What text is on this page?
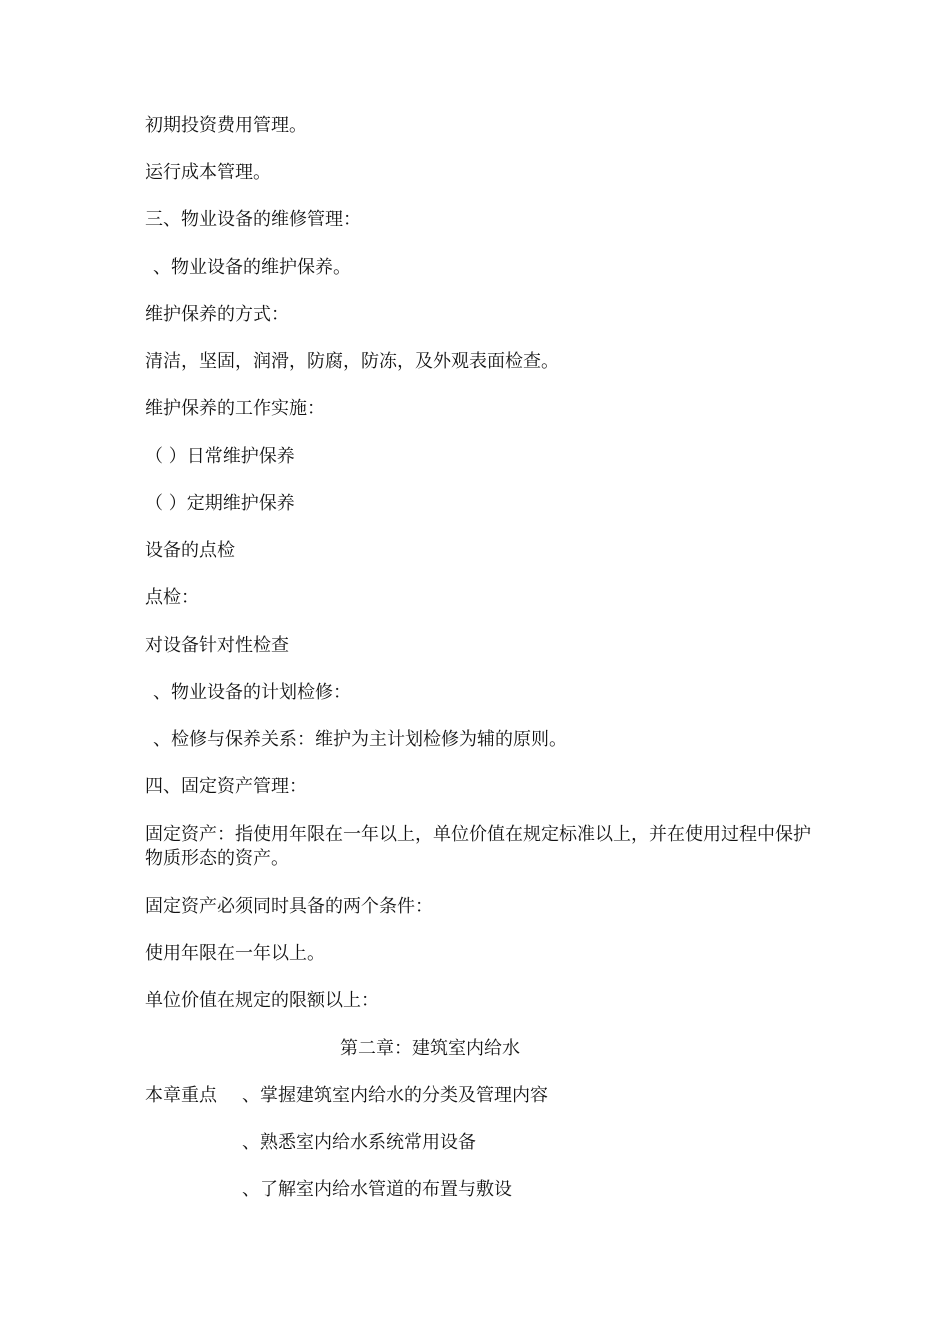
初期投资费用管理。
运行成本管理。
三、物业设备的维修管理：
、物业设备的维护保养。
维护保养的方式：
清洁，坚固，润滑，防腐，防冻，及外观表面检查。
维护保养的工作实施：
（ ）日常维护保养
（ ）定期维护保养
设备的点检
点检：
对设备针对性检查
、物业设备的计划检修：
、检修与保养关系：维护为主计划检修为辅的原则。
四、固定资产管理：
固定资产：指使用年限在一年以上，单位价值在规定标准以上，并在使用过程中保护物质形态的资产。
固定资产必须同时具备的两个条件：
使用年限在一年以上。
单位价值在规定的限额以上：
第二章：建筑室内给水
本章重点 、掌握建筑室内给水的分类及管理内容
、熟悉室内给水系统常用设备
、了解室内给水管道的布置与敷设
